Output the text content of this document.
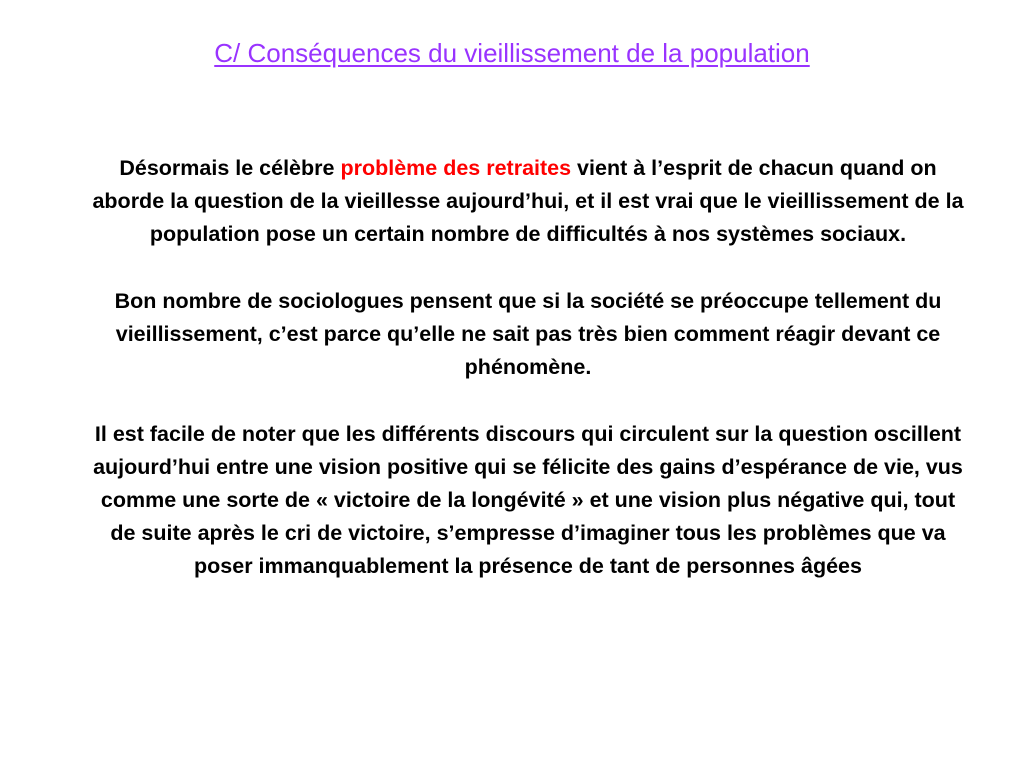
C/ Conséquences du vieillissement de la population

Désormais le célèbre problème des retraites vient à l’esprit de chacun quand on aborde la question de la vieillesse aujourd’hui, et il est vrai que le vieillissement de la population pose un certain nombre de difficultés à nos systèmes sociaux.

Bon nombre de sociologues pensent que si la société se préoccupe tellement du vieillissement, c’est parce qu’elle ne sait pas très bien comment réagir devant ce phénomène.

Il est facile de noter que les différents discours qui circulent sur la question oscillent aujourd’hui entre une vision positive qui se félicite des gains d’espérance de vie, vus comme une sorte de « victoire de la longévité » et une vision plus négative qui, tout de suite après le cri de victoire, s’empresse d’imaginer tous les problèmes que va poser immanquablement la présence de tant de personnes âgées
